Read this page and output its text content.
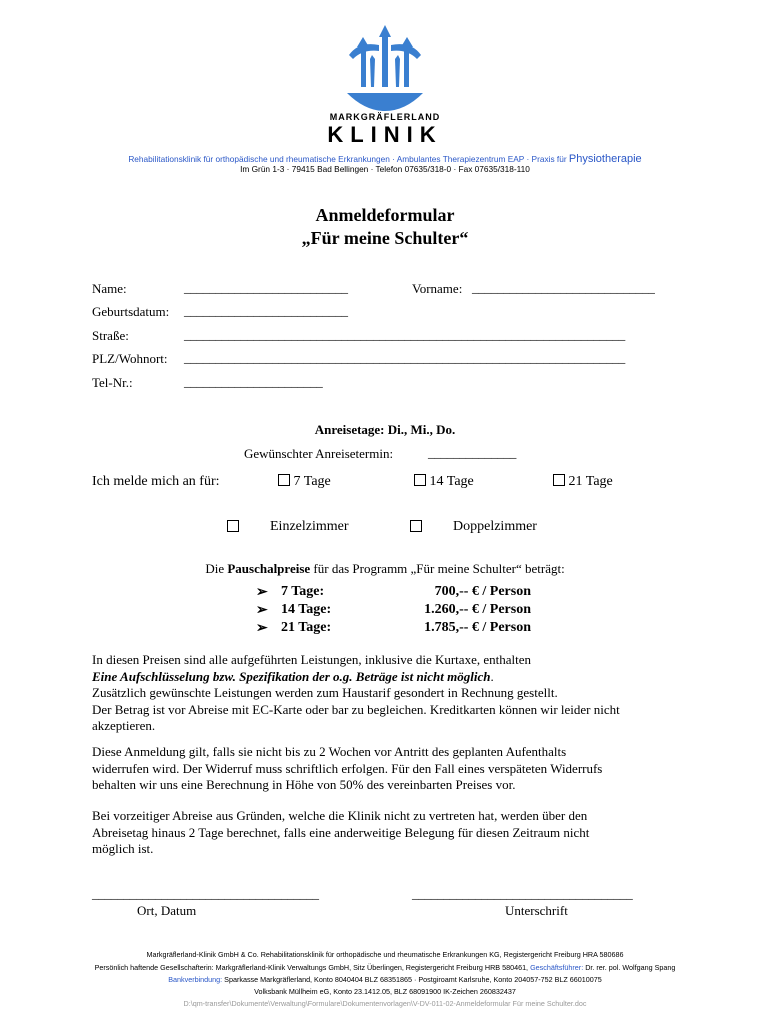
MARKGRÄFLERLAND
KLINIK
Rehabilitationsklinik für orthopädische und rheumatische Erkrankungen · Ambulantes Therapiezentrum EAP · Praxis für Physiotherapie
Im Grün 1-3 · 79415 Bad Bellingen · Telefon 07635/318-0 · Fax 07635/318-110
Anmeldeformular
„Für meine Schulter“
Name:	__________________________	Vorname: _____________________________
Geburtsdatum: __________________________
Straße:	______________________________________________________________________
PLZ/Wohnort: ______________________________________________________________________
Tel-Nr.:	______________________
Anreisetage: Di., Mi., Do.
Gewünschter Anreisetermin:	______________
Ich melde mich an für:	7 Tage	14 Tage	21 Tage
Einzelzimmer	Doppelzimmer
Die Pauschalpreise für das Programm „Für meine Schulter“ beträgt:
➢	7 Tage:	700,-- € / Person
➢	14 Tage:	1.260,-- € / Person
➢	21 Tage:	1.785,-- € / Person
In diesen Preisen sind alle aufgeführten Leistungen, inklusive die Kurtaxe, enthalten
Eine Aufschlüsselung bzw. Spezifikation der o.g. Beträge ist nicht möglich.
Zusätzlich gewünschte Leistungen werden zum Haustarif gesondert in Rechnung gestellt.
Der Betrag ist vor Abreise mit EC-Karte oder bar zu begleichen. Kreditkarten können wir leider nicht
akzeptieren.
Diese Anmeldung gilt, falls sie nicht bis zu 2 Wochen vor Antritt des geplanten Aufenthalts
widerrufen wird. Der Widerruf muss schriftlich erfolgen. Für den Fall eines verspäteten Widerrufs
behalten wir uns eine Berechnung in Höhe von 50% des vereinbarten Preises vor.
Bei vorzeitiger Abreise aus Gründen, welche die Klinik nicht zu vertreten hat, werden über den
Abreisetag hinaus 2 Tage berechnet, falls eine anderweitige Belegung für diesen Zeitraum nicht
möglich ist.
____________________________________
Ort, Datum
___________________________________
Unterschrift
Markgräflerland-Klinik GmbH & Co. Rehabilitationsklinik für orthopädische und rheumatische Erkrankungen KG, Registergericht Freiburg HRA 580686
Persönlich haftende Gesellschafterin: Markgräflerland-Klinik Verwaltungs GmbH, Sitz Überlingen, Registergericht Freiburg HRB 580461, Geschäftsführer: Dr. rer. pol. Wolfgang Spang
Bankverbindung: Sparkasse Markgräflerland, Konto 8040404 BLZ 68351865 · Postgiroamt Karlsruhe, Konto 204057-752 BLZ 66010075
Volksbank Müllheim eG, Konto 23.1412.05, BLZ 68091900 IK-Zeichen 260832437
D:\qm-transfer\Dokumente\Verwaltung\Formulare\Dokumentenvorlagen\V-DV-011-02-Anmeldeformular Für meine Schulter.doc
